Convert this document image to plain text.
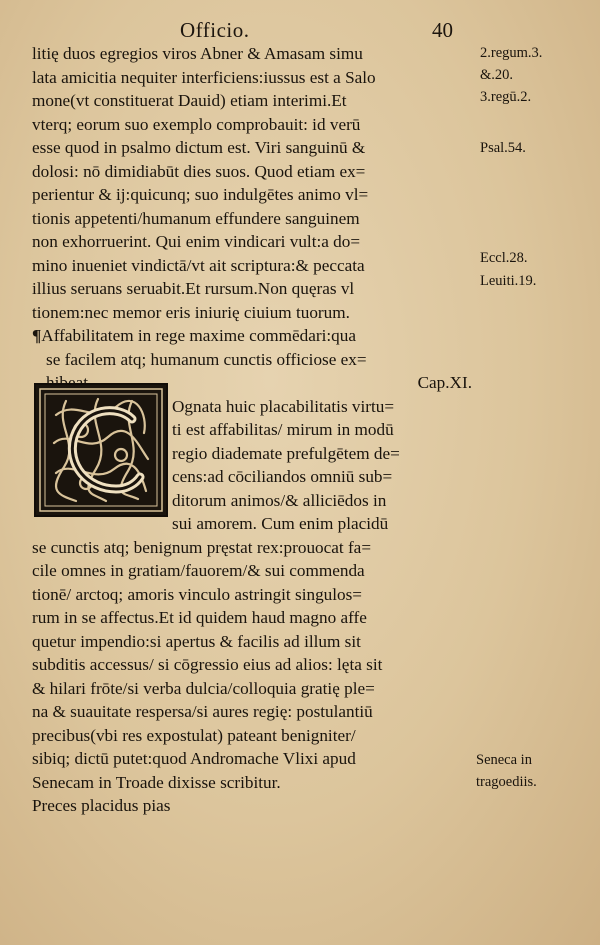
Officio.	40
litię duos egregios viros Abner & Amasam simu
lata amicitia nequiter interficiens:iussus est a Salo
mone(vt constituerat Dauid) etiam interimi.Et
vterq; eorum suo exemplo comprobauit: id verū
esse quod in psalmo dictum est. Viri sanguinū &
dolosi: nō dimidiabūt dies suos. Quod etiam ex=
perientur & ij:quicunq; suo indulgētes animo vl=
tionis appetenti/humanum effundere sanguinem
non exhorruerint. Qui enim vindicari vult:a do=
mino inueniet vindictā/vt ait scriptura:& peccata
illius seruans seruabit.Et rursum.Non quęras vl
tionem:nec memor eris iniurię ciuium tuorum.
¶Affabilitatem in rege maxime commēdari:qua
se facilem atq; humanum cunctis officiose ex=
Cap.XI.
Ognata huic placabilitatis virtu=
ti est affabilitas/ mirum in modū
regio diademate prefulgētem de=
cens:ad cōciliandos omniū sub=
ditorum animos/& alliciēdos in
sui amorem. Cum enim placidū
se cunctis atq; benignum pręstat rex:prouocat fa=
cile omnes in gratiam/fauorem/& sui commenda
tionē/ arctoq; amoris vinculo astringit singulos=
rum in se affectus.Et id quidem haud magno affe
quetur impendio:si apertus & facilis ad illum sit
subditis accessus/ si cōgressio eius ad alios: lęta sit
& hilari frōte/si verba dulcia/colloquia gratię ple=
na & suauitate respersa/si aures regię: postulantiū
precibus(vbi res expostulat) pateant benigniter/
sibiq; dictū putet:quod Andromache Vlixi apud
Senecam in Troade dixisse scribitur.
Preces placidus pias
2.regum.3.
&.20.
3.regū.2.
Psal.54.
Eccl.28.
Leuiti.19.
Seneca in
tragoediis.
